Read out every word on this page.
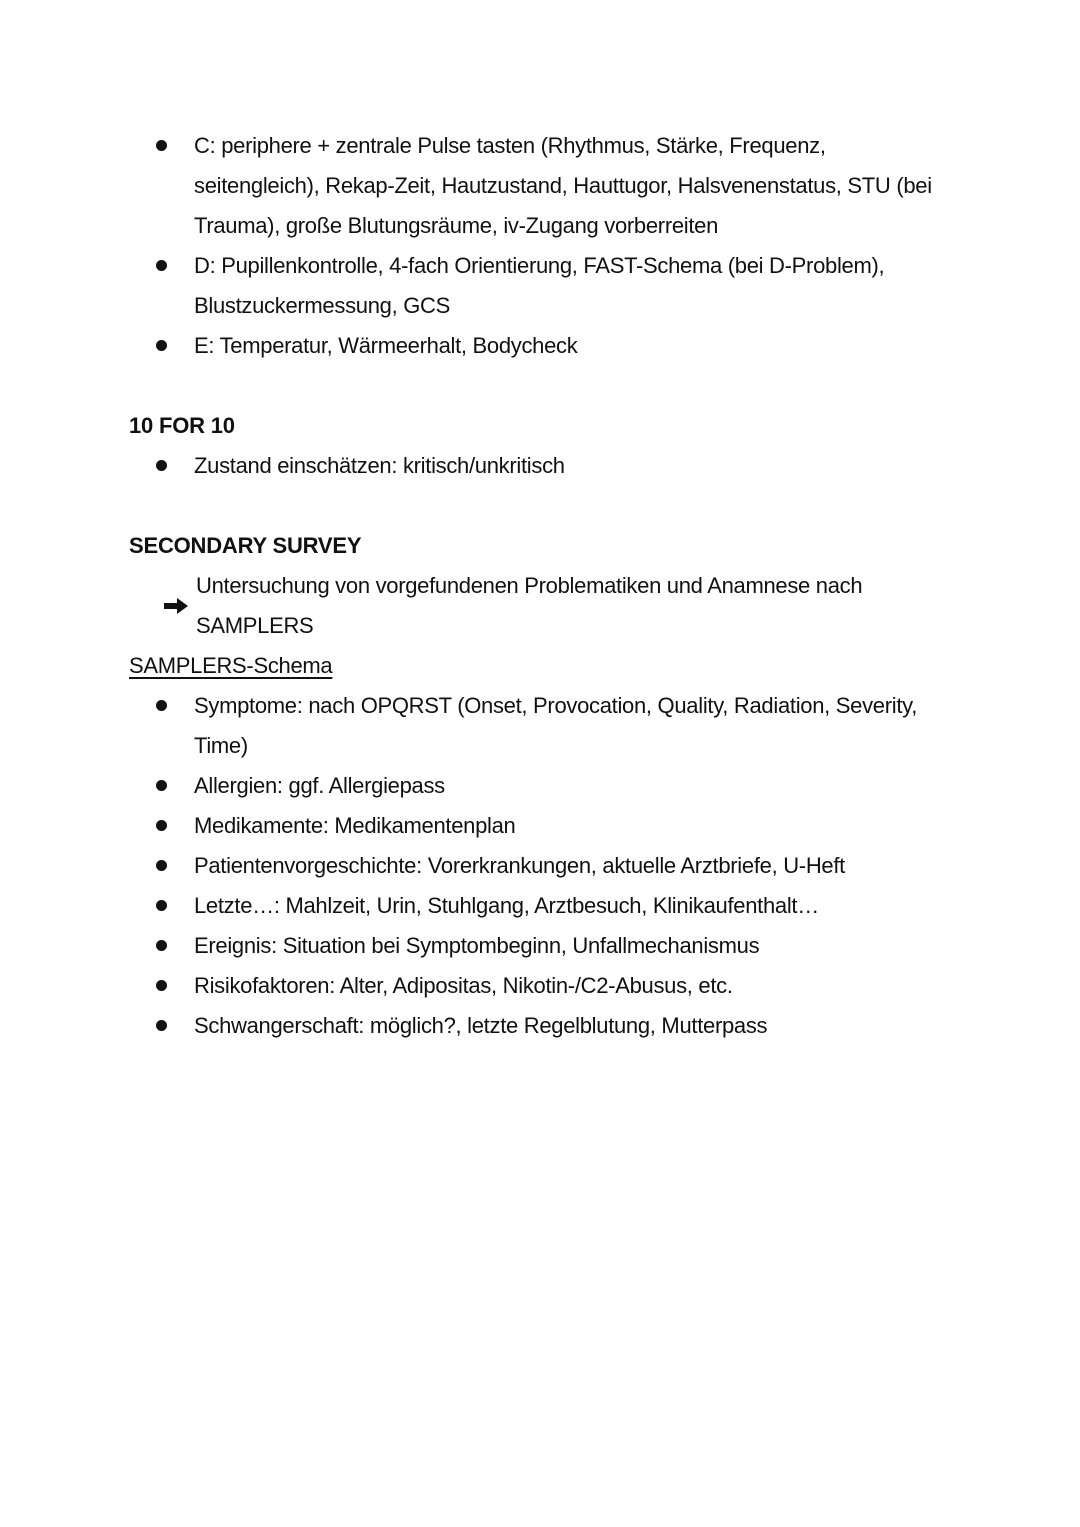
C: periphere + zentrale Pulse tasten (Rhythmus, Stärke, Frequenz, seitengleich), Rekap-Zeit, Hautzustand, Hauttugor, Halsvenenstatus, STU (bei Trauma), große Blutungsräume, iv-Zugang vorberreiten
D: Pupillenkontrolle, 4-fach Orientierung, FAST-Schema (bei D-Problem), Blustzuckermessung, GCS
E: Temperatur, Wärmeerhalt, Bodycheck
10 FOR 10
Zustand einschätzen: kritisch/unkritisch
SECONDARY SURVEY
Untersuchung von vorgefundenen Problematiken und Anamnese nach SAMPLERS
SAMPLERS-Schema
Symptome: nach OPQRST (Onset, Provocation, Quality, Radiation, Severity, Time)
Allergien: ggf. Allergiepass
Medikamente: Medikamentenplan
Patientenvorgeschichte: Vorerkrankungen, aktuelle Arztbriefe, U-Heft
Letzte…: Mahlzeit, Urin, Stuhlgang, Arztbesuch, Klinikaufenthalt…
Ereignis: Situation bei Symptombeginn, Unfallmechanismus
Risikofaktoren: Alter, Adipositas, Nikotin-/C2-Abusus, etc.
Schwangerschaft: möglich?, letzte Regelblutung, Mutterpass
